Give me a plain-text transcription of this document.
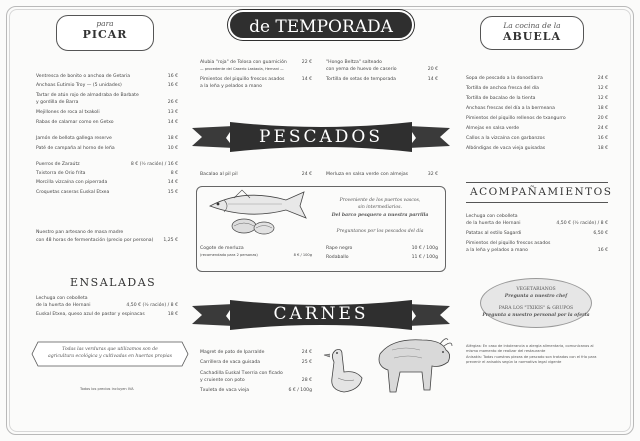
para
PICAR	de TEMPORADA	La cocina de la
ABUELA
Ventresca de bonito o anchoa de Getaria	16 €
Anchoas Eutimio Troy — (5 unidades)	16 €
Tartar de atún rojo de almadraba de Barbate
y gordilla de Barra	26 €
Mejillones de roca al txakoli	13 €
Rabas de calamar como en Getxo	14 €
Jamón de bellota gallega reserve	18 €
Paté de campaña al horno de leña	10 €
Puerros de Zaraútz	8 € (½ ración) / 16 €
Txistorra de Orio frita	8 €
Morcilla vizcaína con piperrada	14 €
Croquetas caseras Euskal Etxea	15 €
Nuestro pan artesano de masa madre
con 48 horas de fermentación (precio por persona) 1,25 €
ENSALADAS
Lechuga con cebolleta
de la huerta de Hernani	4,50 € (½ ración) / 8 €
Euskal Etxea, queso azul de pastor y espinacas	18 €
Todas las verduras que utilizamos son de
agricultura ecológica y cultivadas en huertas propias
Todos los precios incluyen IVA
Alubia "roja" de Tolosa con guarnición	22 €
— procedente del Caserío Lastaola, Hernani —
Pimientos del piquillo frescos asados	14 €
a la leña y pelados a mano
"Hongo Beltza" salteado
con yema de huevo de caserío	20 €
Tortilla de setas de temporada	14 €
PESCADOS
Bacalao al pil pil	24 €	Merluza en salsa verde con almejas	32 €
Proveniente de los puertos vascos,
sin intermediarios.
Del barco pesquero a nuestra parrilla
Preguntanos por los pescados del día
Cogote de merluza
(recomendado para 2 personas)	8 € / 100g
Rape negro	10 € / 100g
Rodaballo	11 € / 100g
CARNES
Magret de pato de Iparralde	24 €
Carrillera de vaca guisada	25 €
Cachadilla Euskal Txerria con ficado
y cruiente con poto	28 €
Txuleta de vaca vieja	6 € / 100g
Sopa de pescado a la donostiarra	24 €
Tortilla de anchoa fresca del día	12 €
Tortilla de bacalao de la tienta	12 €
Anchoas frescas del día a la bermeana	18 €
Pimientos del piquillo rellenos de txangurro	20 €
Almejas en salsa verde	24 €
Callos a la vizcaína con garbanzos	16 €
Albóndigas de vaca vieja guisadas	18 €
ACOMPAÑAMIENTOS
Lechuga con cebolleta
de la huerta de Hernani	4,50 € (½ ración) / 8 €
Patatas al estilo Sagardi	6,50 €
Pimientos del piquillo frescos asados
a la leña y pelados a mano	16 €
VEGETARIANOS
Pregunta a nuestro chef
PARA LOS "TXIKIS" & GRUPOS
Pregunta a nuestro personal por la oferta
Alérgias: En caso de intolerancia o alergia alimentaria, comunícanos al
mismo momento de realizar del restaurante
Anisakis: Todas nuestras piezas de pescado son tratadas con el frío para
prevenir el anisakis según la normativa legal vigente
